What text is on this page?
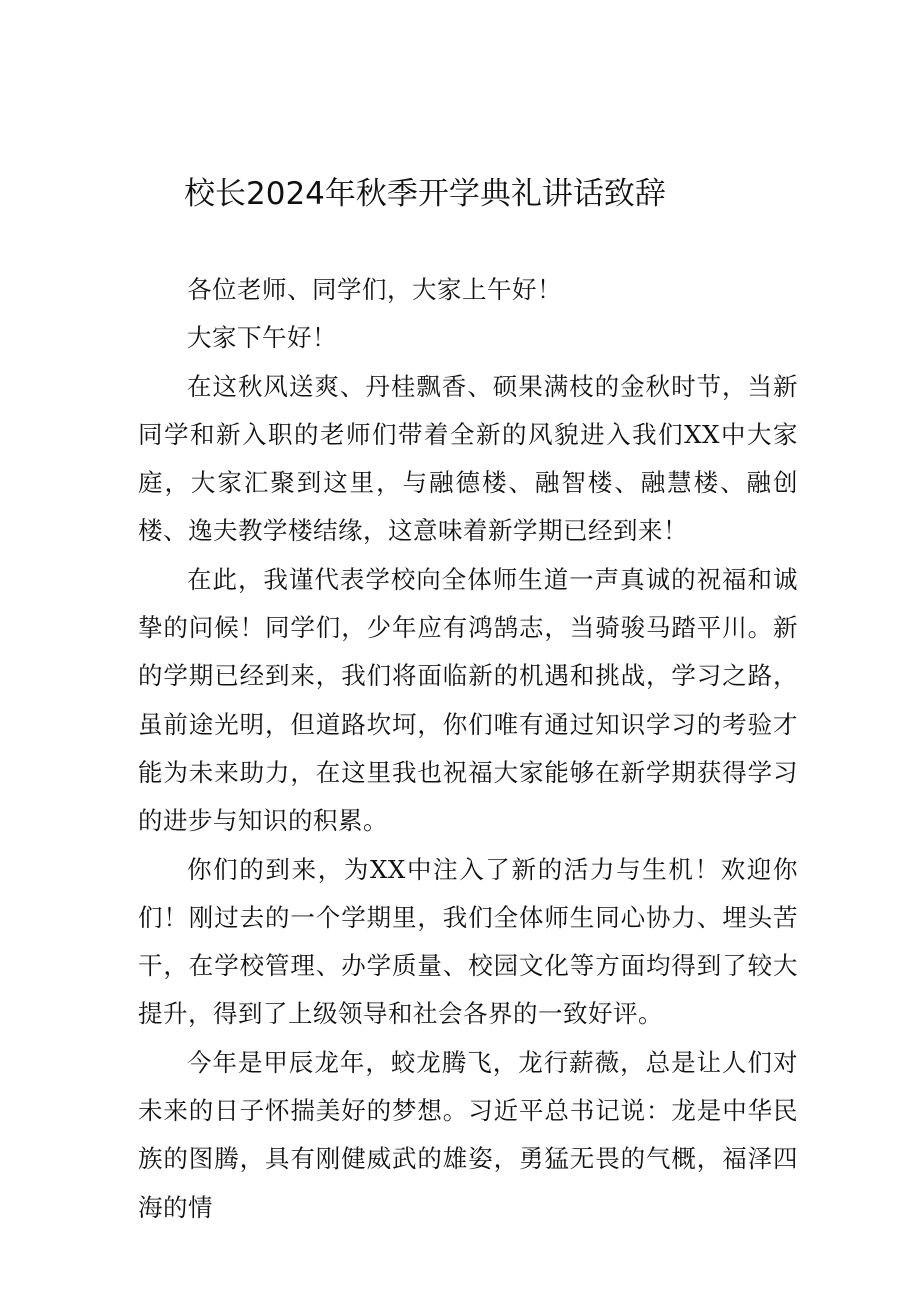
校长2024年秋季开学典礼讲话致辞

各位老师、同学们，大家上午好！

大家下午好！

在这秋风送爽、丹桂飘香、硕果满枝的金秋时节，当新同学和新入职的老师们带着全新的风貌进入我们XX中大家庭，大家汇聚到这里，与融德楼、融智楼、融慧楼、融创楼、逸夫教学楼结缘，这意味着新学期已经到来！

在此，我谨代表学校向全体师生道一声真诚的祝福和诚挚的问候！同学们，少年应有鸿鹄志，当骑骏马踏平川。新的学期已经到来，我们将面临新的机遇和挑战，学习之路，虽前途光明，但道路坎坷，你们唯有通过知识学习的考验才能为未来助力，在这里我也祝福大家能够在新学期获得学习的进步与知识的积累。

你们的到来，为XX中注入了新的活力与生机！欢迎你们！刚过去的一个学期里，我们全体师生同心协力、埋头苦干，在学校管理、办学质量、校园文化等方面均得到了较大提升，得到了上级领导和社会各界的一致好评。

今年是甲辰龙年，蛟龙腾飞，龙行薪薇，总是让人们对未来的日子怀揣美好的梦想。习近平总书记说：龙是中华民族的图腾，具有刚健威武的雄姿，勇猛无畏的气概，福泽四海的情
